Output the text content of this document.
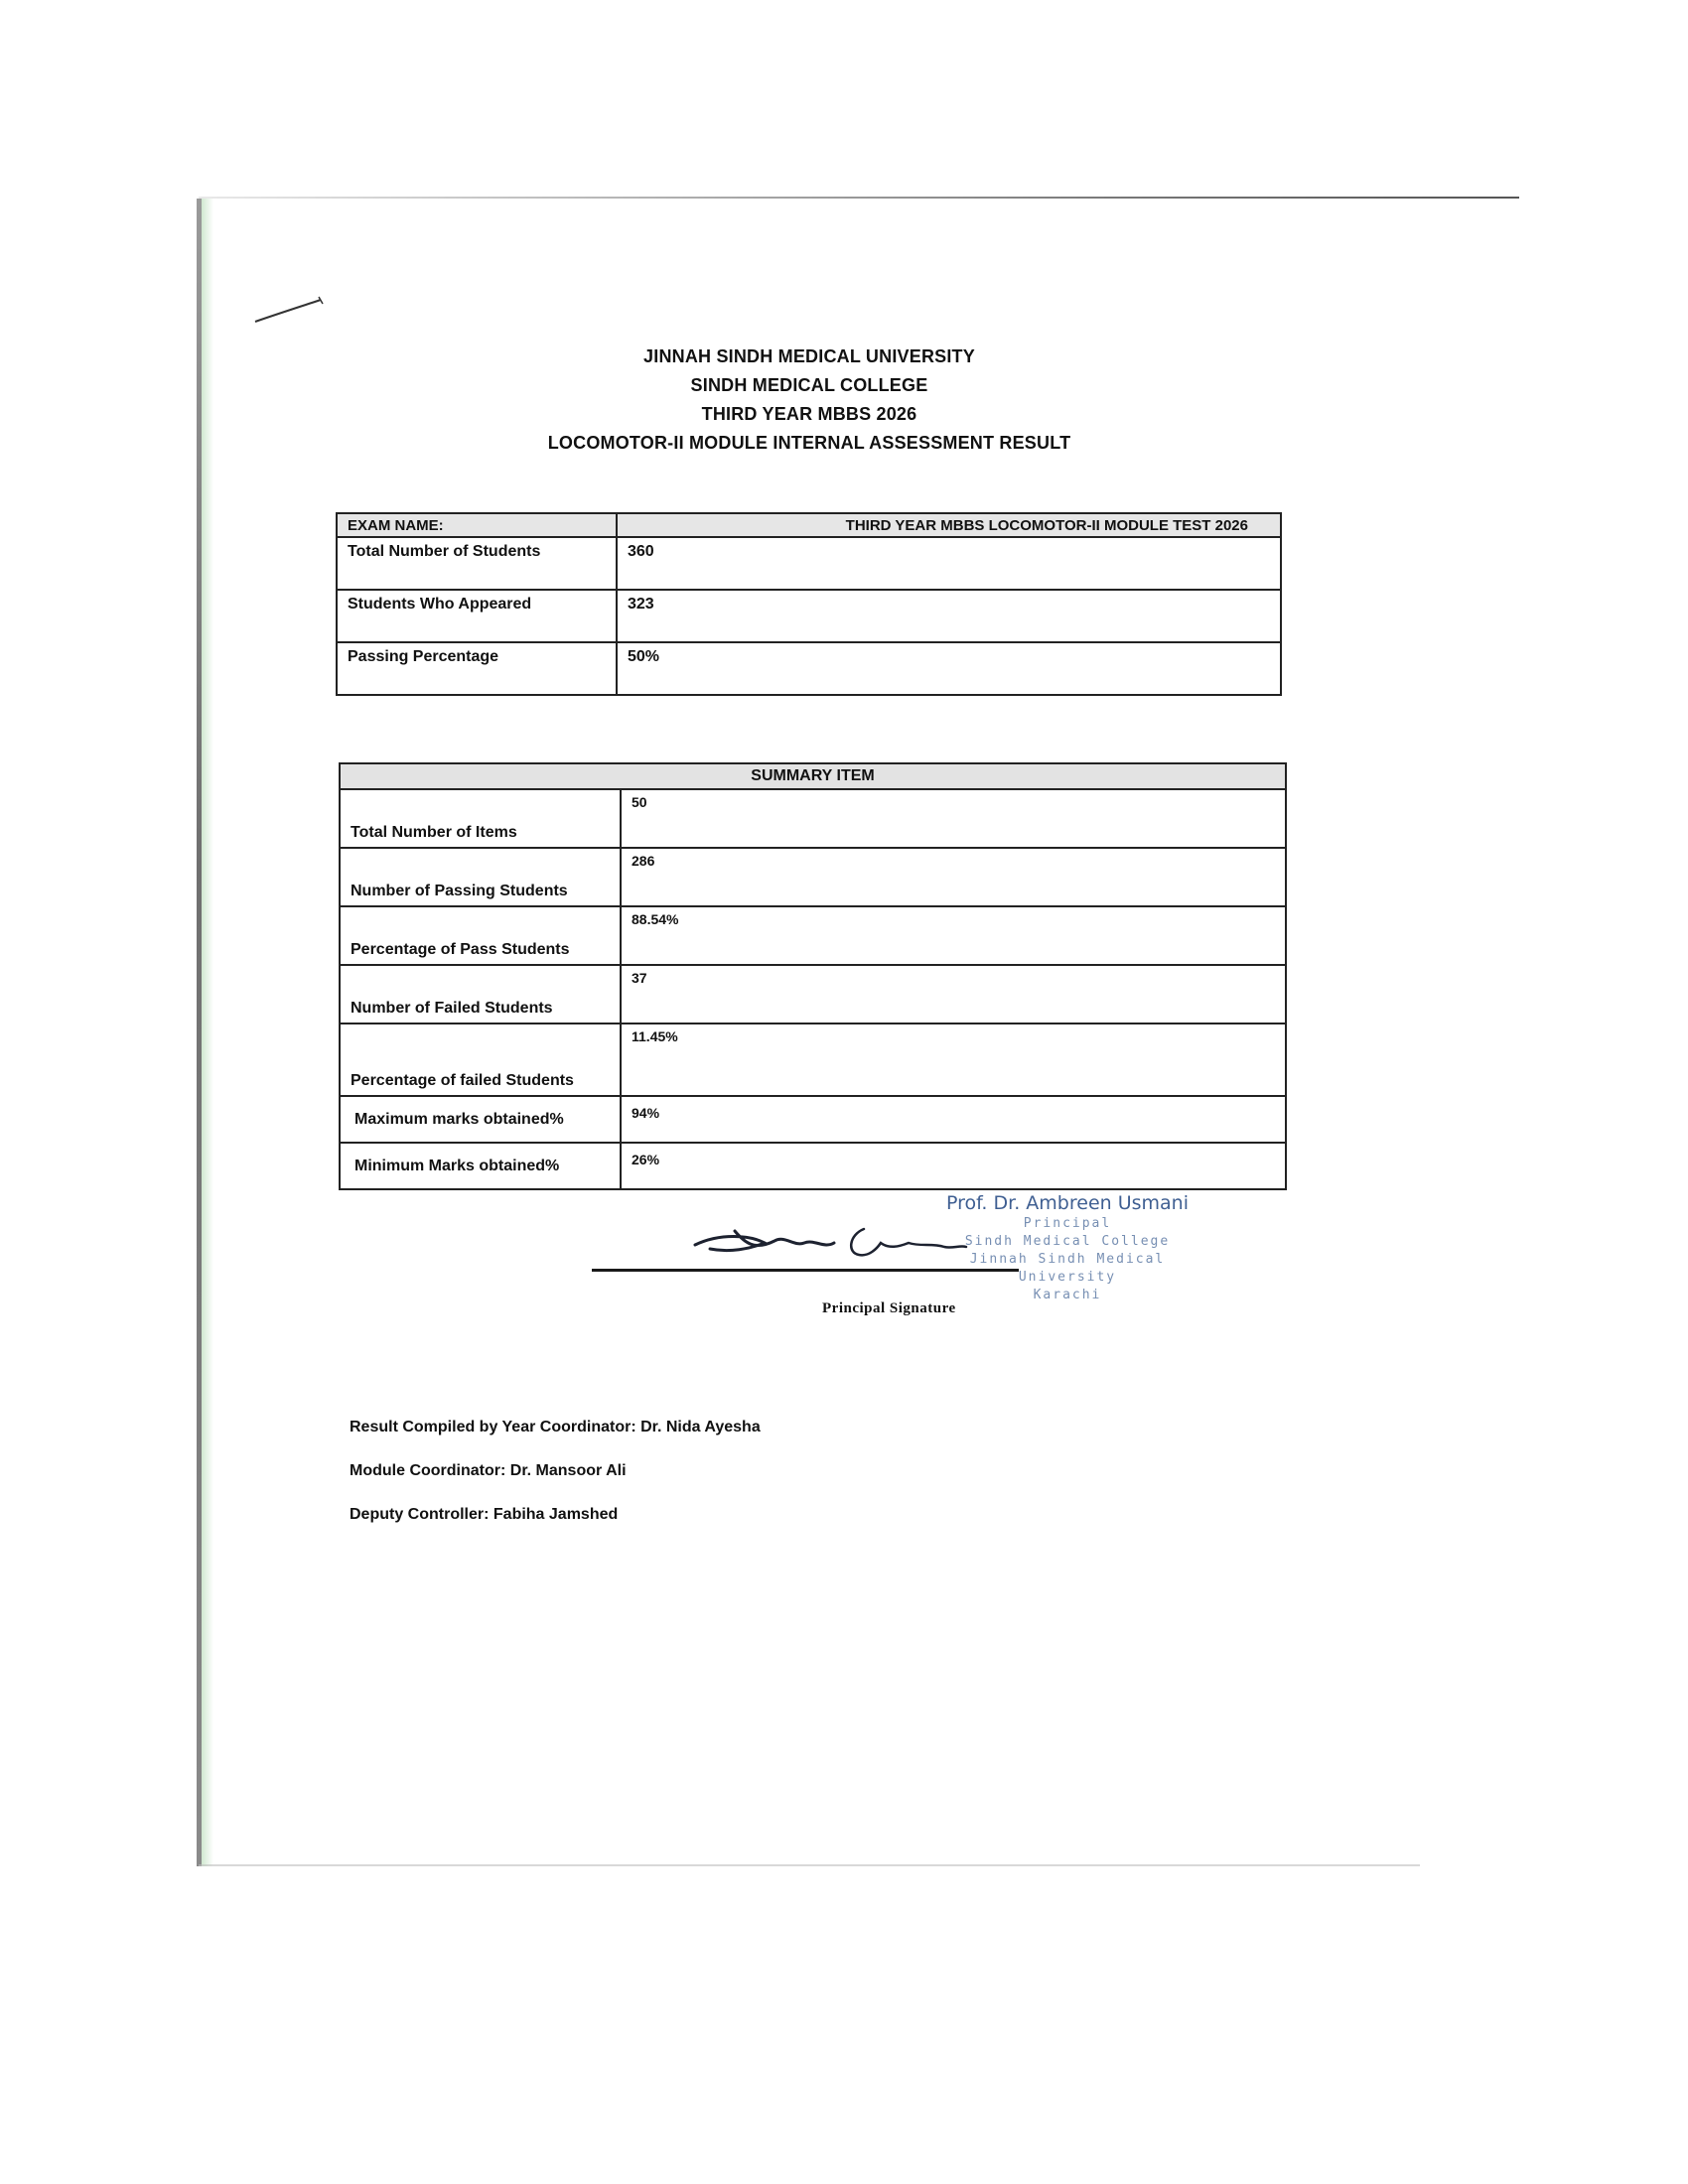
JINNAH SINDH MEDICAL UNIVERSITY
SINDH MEDICAL COLLEGE
THIRD YEAR MBBS 2026
LOCOMOTOR-II MODULE INTERNAL ASSESSMENT RESULT
EXAM NAME:	THIRD YEAR MBBS LOCOMOTOR-II MODULE TEST 2026
Total Number of Students	360
Students Who Appeared	323
Passing Percentage	50%
SUMMARY ITEM	
Total Number of Items	50
Number of Passing Students	286
Percentage of Pass Students	88.54%
Number of Failed Students	37
Percentage of failed Students	11.45%
Maximum marks obtained%	94%
Minimum Marks obtained%	26%
Prof. Dr. Ambreen Usmani
Principal
Sindh Medical College
Jinnah Sindh Medical University
Karachi
Principal Signature
Result Compiled by Year Coordinator: Dr. Nida Ayesha
Module Coordinator: Dr. Mansoor Ali
Deputy Controller: Fabiha Jamshed
